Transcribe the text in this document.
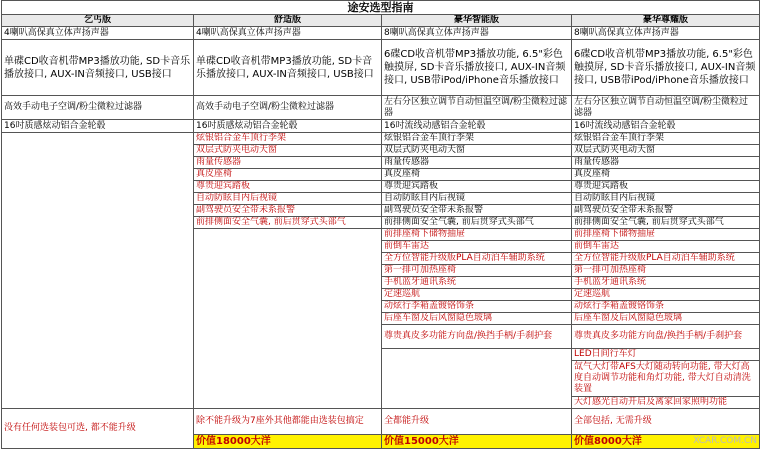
途安选型指南			
乞丐版	舒适版	豪华智能版	豪华尊耀版
4喇叭高保真立体声扬声器	4喇叭高保真立体声扬声器	8喇叭高保真立体声扬声器	8喇叭高保真立体声扬声器
单碟CD收音机带MP3播放功能, SD卡音乐播放接口, AUX-IN音频接口, USB接口	单碟CD收音机带MP3播放功能, SD卡音乐播放接口, AUX-IN音频接口, USB接口	6碟CD收音机带MP3播放功能, 6.5"彩色触摸屏, SD卡音乐播放接口, AUX-IN音频接口, USB带iPod/iPhone音乐播放接口	6碟CD收音机带MP3播放功能, 6.5"彩色触摸屏, SD卡音乐播放接口, AUX-IN音频接口, USB带iPod/iPhone音乐播放接口
高效手动电子空调/粉尘微粒过滤器	高效手动电子空调/粉尘微粒过滤器	左右分区独立调节自动恒温空调/粉尘微粒过滤器	左右分区独立调节自动恒温空调/粉尘微粒过滤器
16吋质感炫动铝合金轮毂	16吋质感炫动铝合金轮毂	16吋流线动感铝合金轮毂	16吋流线动感铝合金轮毂
	炫银铝合金车顶行李架	炫银铝合金车顶行李架	炫银铝合金车顶行李架
	双层式防夹电动天窗	双层式防夹电动天窗	双层式防夹电动天窗
	雨量传感器	雨量传感器	雨量传感器
	真皮座椅	真皮座椅	真皮座椅
	尊贵迎宾踏板	尊贵迎宾踏板	尊贵迎宾踏板
	自动防眩目内后视镜	自动防眩目内后视镜	自动防眩目内后视镜
	副驾驶员安全带未系报警	副驾驶员安全带未系报警	副驾驶员安全带未系报警
	前排侧面安全气囊, 前后贯穿式头部气	前排侧面安全气囊, 前后贯穿式头部气	前排侧面安全气囊, 前后贯穿式头部气
		前排座椅下储物抽屉	前排座椅下储物抽屉
		前倒车雷达	前倒车雷达
		全方位智能升级版PLA自动泊车辅助系统	全方位智能升级版PLA自动泊车辅助系统
		第一排可加热座椅	第一排可加热座椅
		手机蓝牙通讯系统	手机蓝牙通讯系统
		定速巡航	定速巡航
		动炫行李箱盖镀铬饰条	动炫行李箱盖镀铬饰条
		后座车窗及后风窗隐色玻璃	后座车窗及后风窗隐色玻璃
		尊贵真皮多功能方向盘/换挡手柄/手刹护套	尊贵真皮多功能方向盘/换挡手柄/手刹护套
			LED日间行车灯
			氙气大灯带AFS大灯随动转向功能, 带大灯高度自动调节功能和角灯功能, 带大灯自动清洗装置
			大灯感光自动开启及离家回家照明功能
没有任何选装包可选, 都不能升级	除不能升级为7座外其他都能由选装包搞定	全都能升级	全部包括, 无需升级
	价值18000大洋	价值15000大洋	价值8000大洋 XCAR.COM.CN
